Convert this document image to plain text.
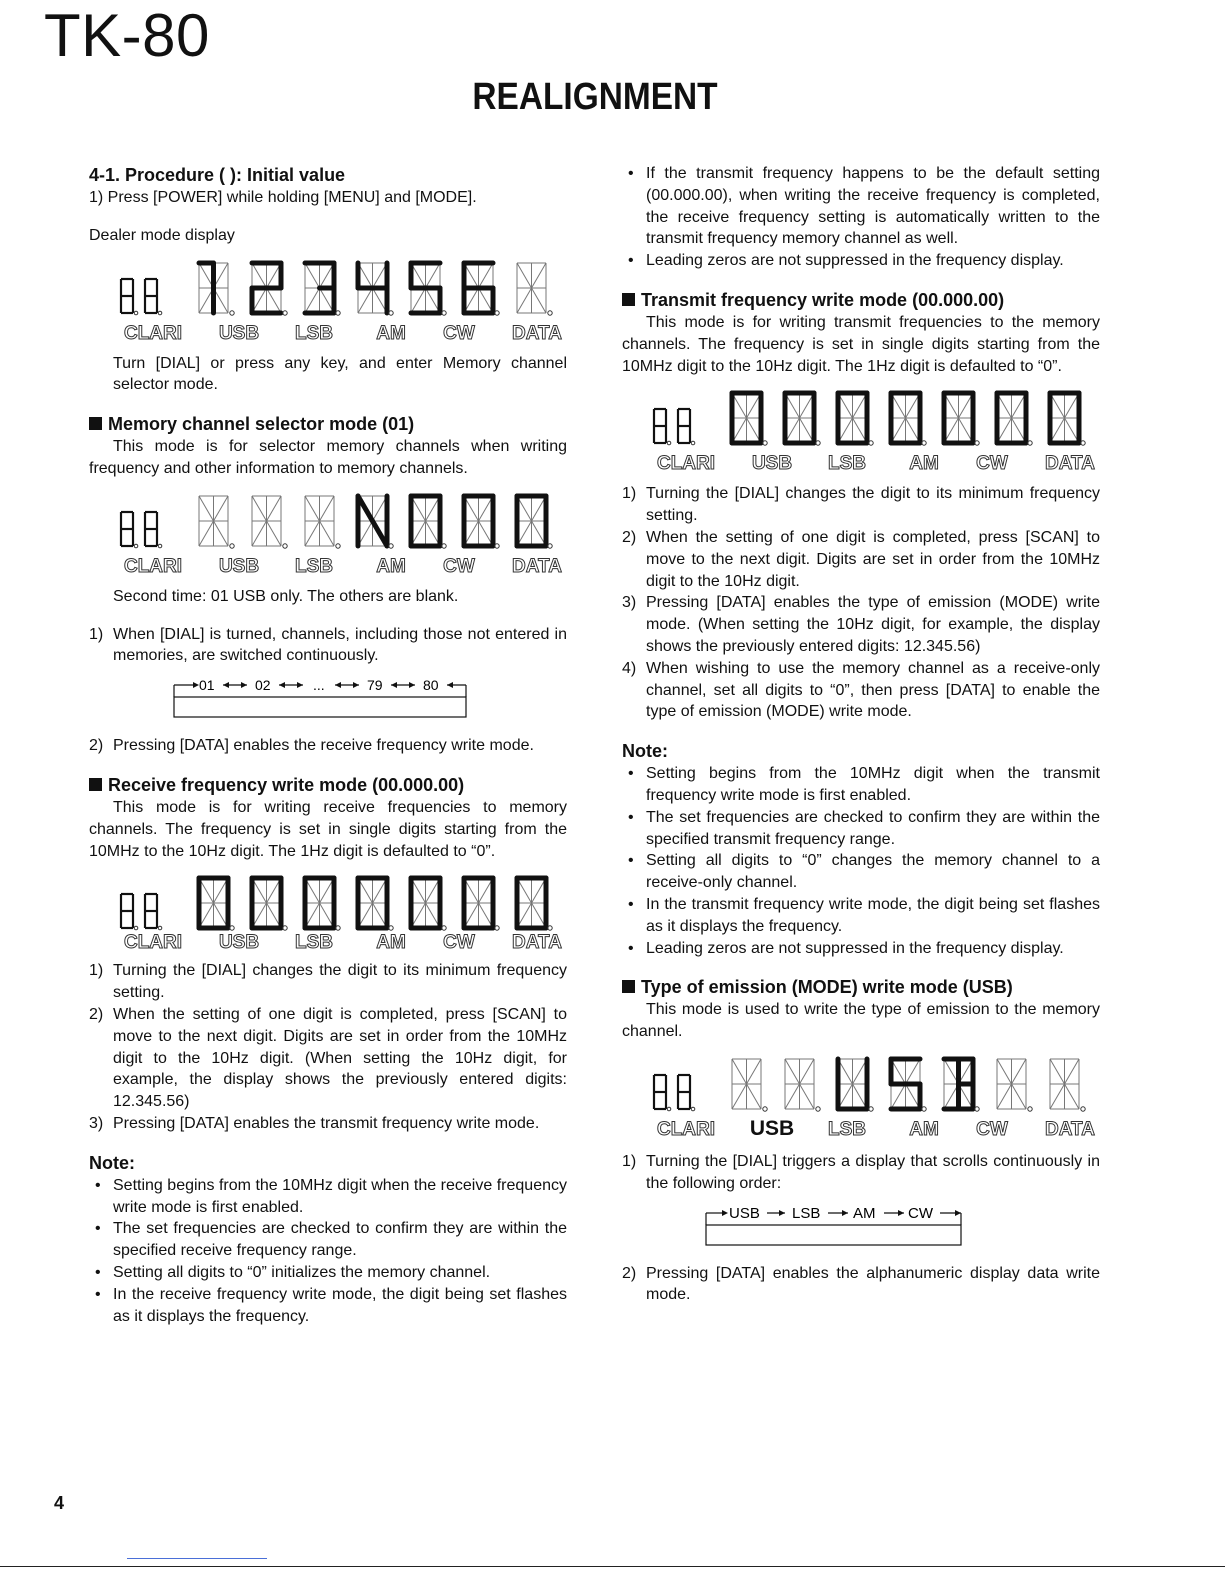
TK-80
REALIGNMENT
4-1. Procedure ( ): Initial value

1) Press [POWER] while holding [MENU] and [MODE].

Dealer mode display

CLARI USB LSB AM CW DATA

Turn [DIAL] or press any key, and enter Memory channel selector mode.

Memory channel selector mode (01)

This mode is for selector memory channels when writing frequency and other information to memory channels.

CLARI USB LSB AM CW DATA

Second time: 01 USB only. The others are blank.

1) When [DIAL] is turned, channels, including those not entered in memories, are switched continuously.
01	02	...	79	80
2) Pressing [DATA] enables the receive frequency write mode.
Receive frequency write mode (00.000.00)

This mode is for writing receive frequencies to memory channels. The frequency is set in single digits starting from the 10MHz to the 10Hz digit. The 1Hz digit is defaulted to “0”.

CLARI USB LSB AM CW DATA
1) Turning the [DIAL] changes the digit to its minimum frequency setting.
2) When the setting of one digit is completed, press [SCAN] to move to the next digit. Digits are set in order from the 10MHz digit to the 10Hz digit. (When setting the 10Hz digit, for example, the display shows the previously entered digits: 12.345.56)
3) Pressing [DATA] enables the transmit frequency write mode.
Note:
• Setting begins from the 10MHz digit when the receive frequency write mode is first enabled.
• The set frequencies are checked to confirm they are within the specified receive frequency range.
• Setting all digits to “0” initializes the memory channel.
• In the receive frequency write mode, the digit being set flashes as it displays the frequency.
• If the transmit frequency happens to be the default setting (00.000.00), when writing the receive frequency is completed, the receive frequency setting is automatically written to the transmit frequency memory channel as well.
• Leading zeros are not suppressed in the frequency display.
Transmit frequency write mode (00.000.00)

This mode is for writing transmit frequencies to the memory channels. The frequency is set in single digits starting from the 10MHz digit to the 10Hz digit. The 1Hz digit is defaulted to “0”.

CLARI USB LSB AM CW DATA
1) Turning the [DIAL] changes the digit to its minimum frequency setting.
2) When the setting of one digit is completed, press [SCAN] to move to the next digit. Digits are set in order from the 10MHz digit to the 10Hz digit.
3) Pressing [DATA] enables the type of emission (MODE) write mode. (When setting the 10Hz digit, for example, the display shows the previously entered digits: 12.345.56)
4) When wishing to use the memory channel as a receive-only channel, set all digits to “0”, then press [DATA] to enable the type of emission (MODE) write mode.
Note:
• Setting begins from the 10MHz digit when the transmit frequency write mode is first enabled.
• The set frequencies are checked to confirm they are within the specified transmit frequency range.
• Setting all digits to “0” changes the memory channel to a receive-only channel.
• In the transmit frequency write mode, the digit being set flashes as it displays the frequency.
• Leading zeros are not suppressed in the frequency display.
Type of emission (MODE) write mode (USB)

This mode is used to write the type of emission to the memory channel.

CLARI USB LSB AM CW DATA
1) Turning the [DIAL] triggers a display that scrolls continuously in the following order:
USB LSB AM CW
2) Pressing [DATA] enables the alphanumeric display data write mode.
4
